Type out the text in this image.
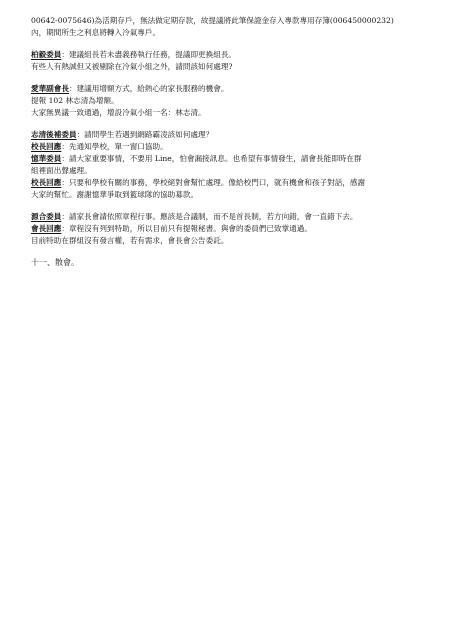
00642-0075646)為活期存戶，無法做定期存款，故提議將此筆保證金存入專款專用存簿(006450000232)
內，期間所生之利息將轉入冷氣專戶。
柏毅委員：建議組長若未盡義務執行任務，提議即更換組長。
有些人有熱誠但又被剔除在冷氣小組之外，請問該如何處理?
愛華副會長：建議用增額方式，給熱心的家長服務的機會。
提報 102 林志清為增額。
大家無異議一致通過，增設冷氣小組一名：林志清。
志清後補委員：請問學生若遇到網路霸凌該如何處理？
校長回應：先通知學校，單一窗口協助。
憶華委員：請大家重要事情，不要用 Line，怕會漏接訊息。也希望有事情發生，請會長能即時在群
組裡面出聲處理。
校長回應：只要和學校有關的事務，學校絕對會幫忙處理。像給校門口，就有機會和孩子對話，感謝
大家的幫忙。謝謝憶華爭取到籃球隊的協助募款。
源合委員：請家長會請依照章程行事。應該是合議制，而不是首長制，若方向錯，會一直錯下去。
會長回應：章程沒有列到特助，所以目前只有提報秘書。與會的委員們已致掌通過。
目前特助在群組沒有發言權，若有需求，會長會公告委託。
十一、散會。
